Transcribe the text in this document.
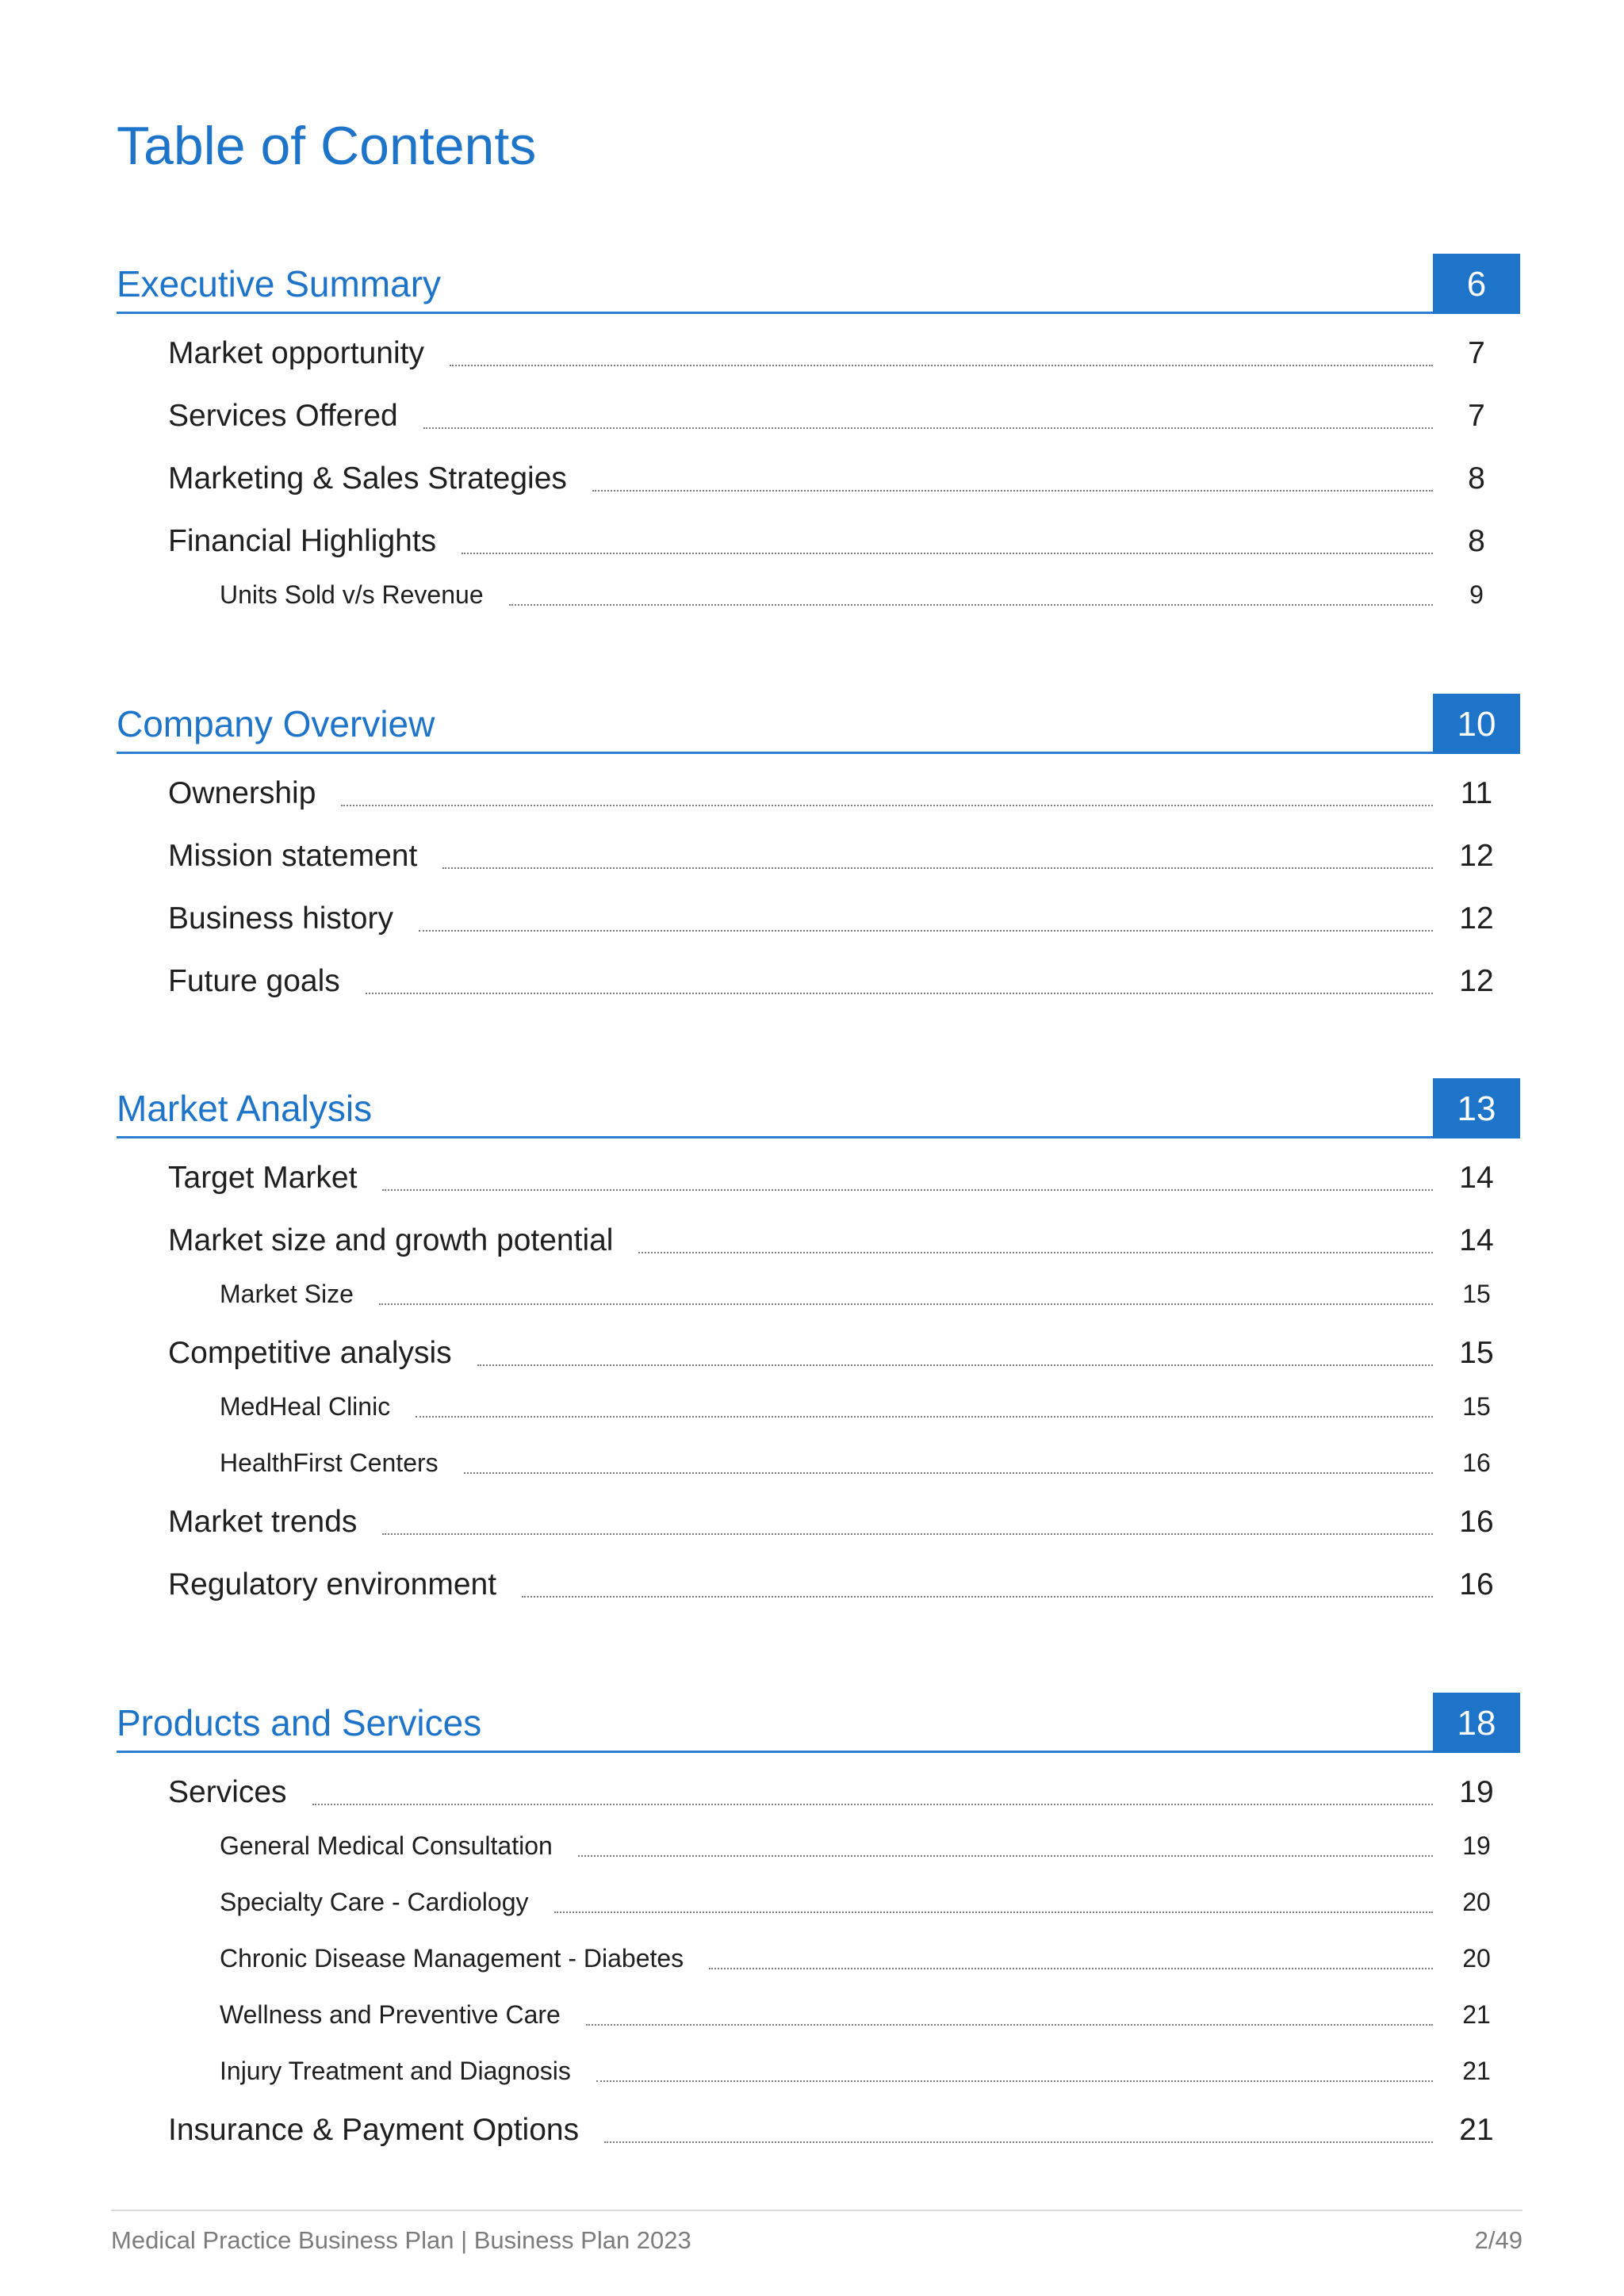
Table of Contents
Executive Summary	6
Market opportunity	7
Services Offered	7
Marketing & Sales Strategies	8
Financial Highlights	8
Units Sold v/s Revenue	9
Company Overview	10
Ownership	11
Mission statement	12
Business history	12
Future goals	12
Market Analysis	13
Target Market	14
Market size and growth potential	14
Market Size	15
Competitive analysis	15
MedHeal Clinic	15
HealthFirst Centers	16
Market trends	16
Regulatory environment	16
Products and Services	18
Services	19
General Medical Consultation	19
Specialty Care - Cardiology	20
Chronic Disease Management - Diabetes	20
Wellness and Preventive Care	21
Injury Treatment and Diagnosis	21
Insurance & Payment Options	21
Medical Practice Business Plan | Business Plan 2023	2/49
